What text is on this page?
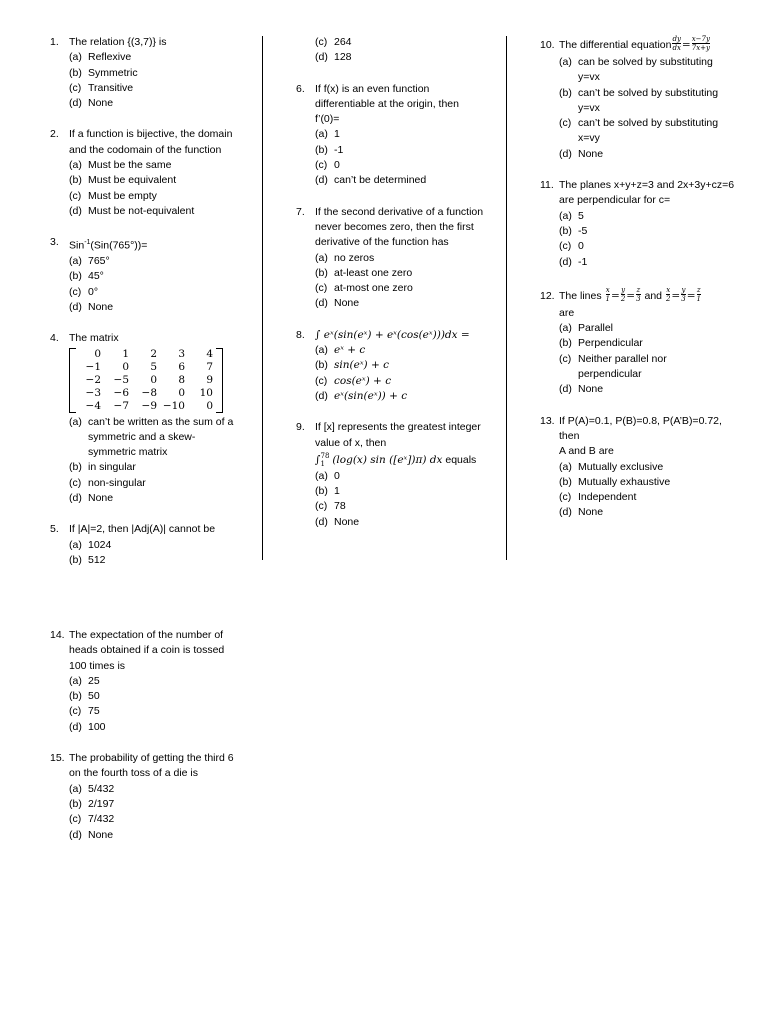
1. The relation {(3,7)} is
(a) Reflexive
(b) Symmetric
(c) Transitive
(d) None
2. If a function is bijective, the domain
and the codomain of the function
(a) Must be the same
(b) Must be equivalent
(c) Must be empty
(d) Must be not-equivalent
3. Sin$^{-1}$(Sin(765°))=
(a) 765°
(b) 45°
(c) 0°
(d) None
4. The matrix
0	1	2	3	4
−1	0	5	6	7
−2	−5	0	8	9
−3	−6	−8	0	10
−4	−7	−9 −10	0
(a) can’t be written as the sum of a
symmetric and a skew-
symmetric matrix
(b) in singular
(c) non-singular
(d) None
5. If |A|=2, then |Adj(A)| cannot be
(a) 1024
(b) 512
(c) 264
(d) 128
6. If f(x) is an even function
differentiable at the origin, then
f’(0)=
(a) 1
(b) -1
(c) 0
(d) can’t be determined
7. If the second derivative of a function
never becomes zero, then the first
derivative of the function has
(a) no zeros
(b) at-least one zero
(c) at-most one zero
(d) None
8. ∫ eˣ(sin(eˣ) + eˣ(cos(eˣ)))dx =
(a) eˣ + c
(b) sin(eˣ) + c
(c) cos(eˣ) + c
(d) eˣ(sin(eˣ)) + c
9. If [x] represents the greatest integer
value of x, then
∫ 78
1 (log(x) sin ([eˣ])π) dx equals
(a) 0
(b) 1
(c) 78
(d) None
10. The differential equation $\frac{dy}{dx} = \frac{x-7y}{7x+y}$
(a) can be solved by substituting
y=vx
(b) can’t be solved by substituting
y=vx
(c) can’t be solved by substituting
x=vy
(d) None
11. The planes x+y+z=3 and 2x+3y+cz=6
are perpendicular for c=
(a) 5
(b) -5
(c) 0
(d) -1
12. The lines
$\frac{x}{1} = \frac{y}{2} = \frac{z}{3}$
and
$\frac{x}{2} = \frac{y}{3} = \frac{z}{1}$
are
(a) Parallel
(b) Perpendicular
(c) Neither parallel nor
perpendicular
(d) None
13. If P(A)=0.1, P(B)=0.8, P(A’B)=0.72,
then
A and B are
(a) Mutually exclusive
(b) Mutually exhaustive
(c) Independent
(d) None
14. The expectation of the number of
heads obtained if a coin is tossed
100 times is
(a) 25
(b) 50
(c) 75
(d) 100
15. The probability of getting the third 6
on the fourth toss of a die is
(a) 5/432
(b) 2/197
(c) 7/432
(d) None
